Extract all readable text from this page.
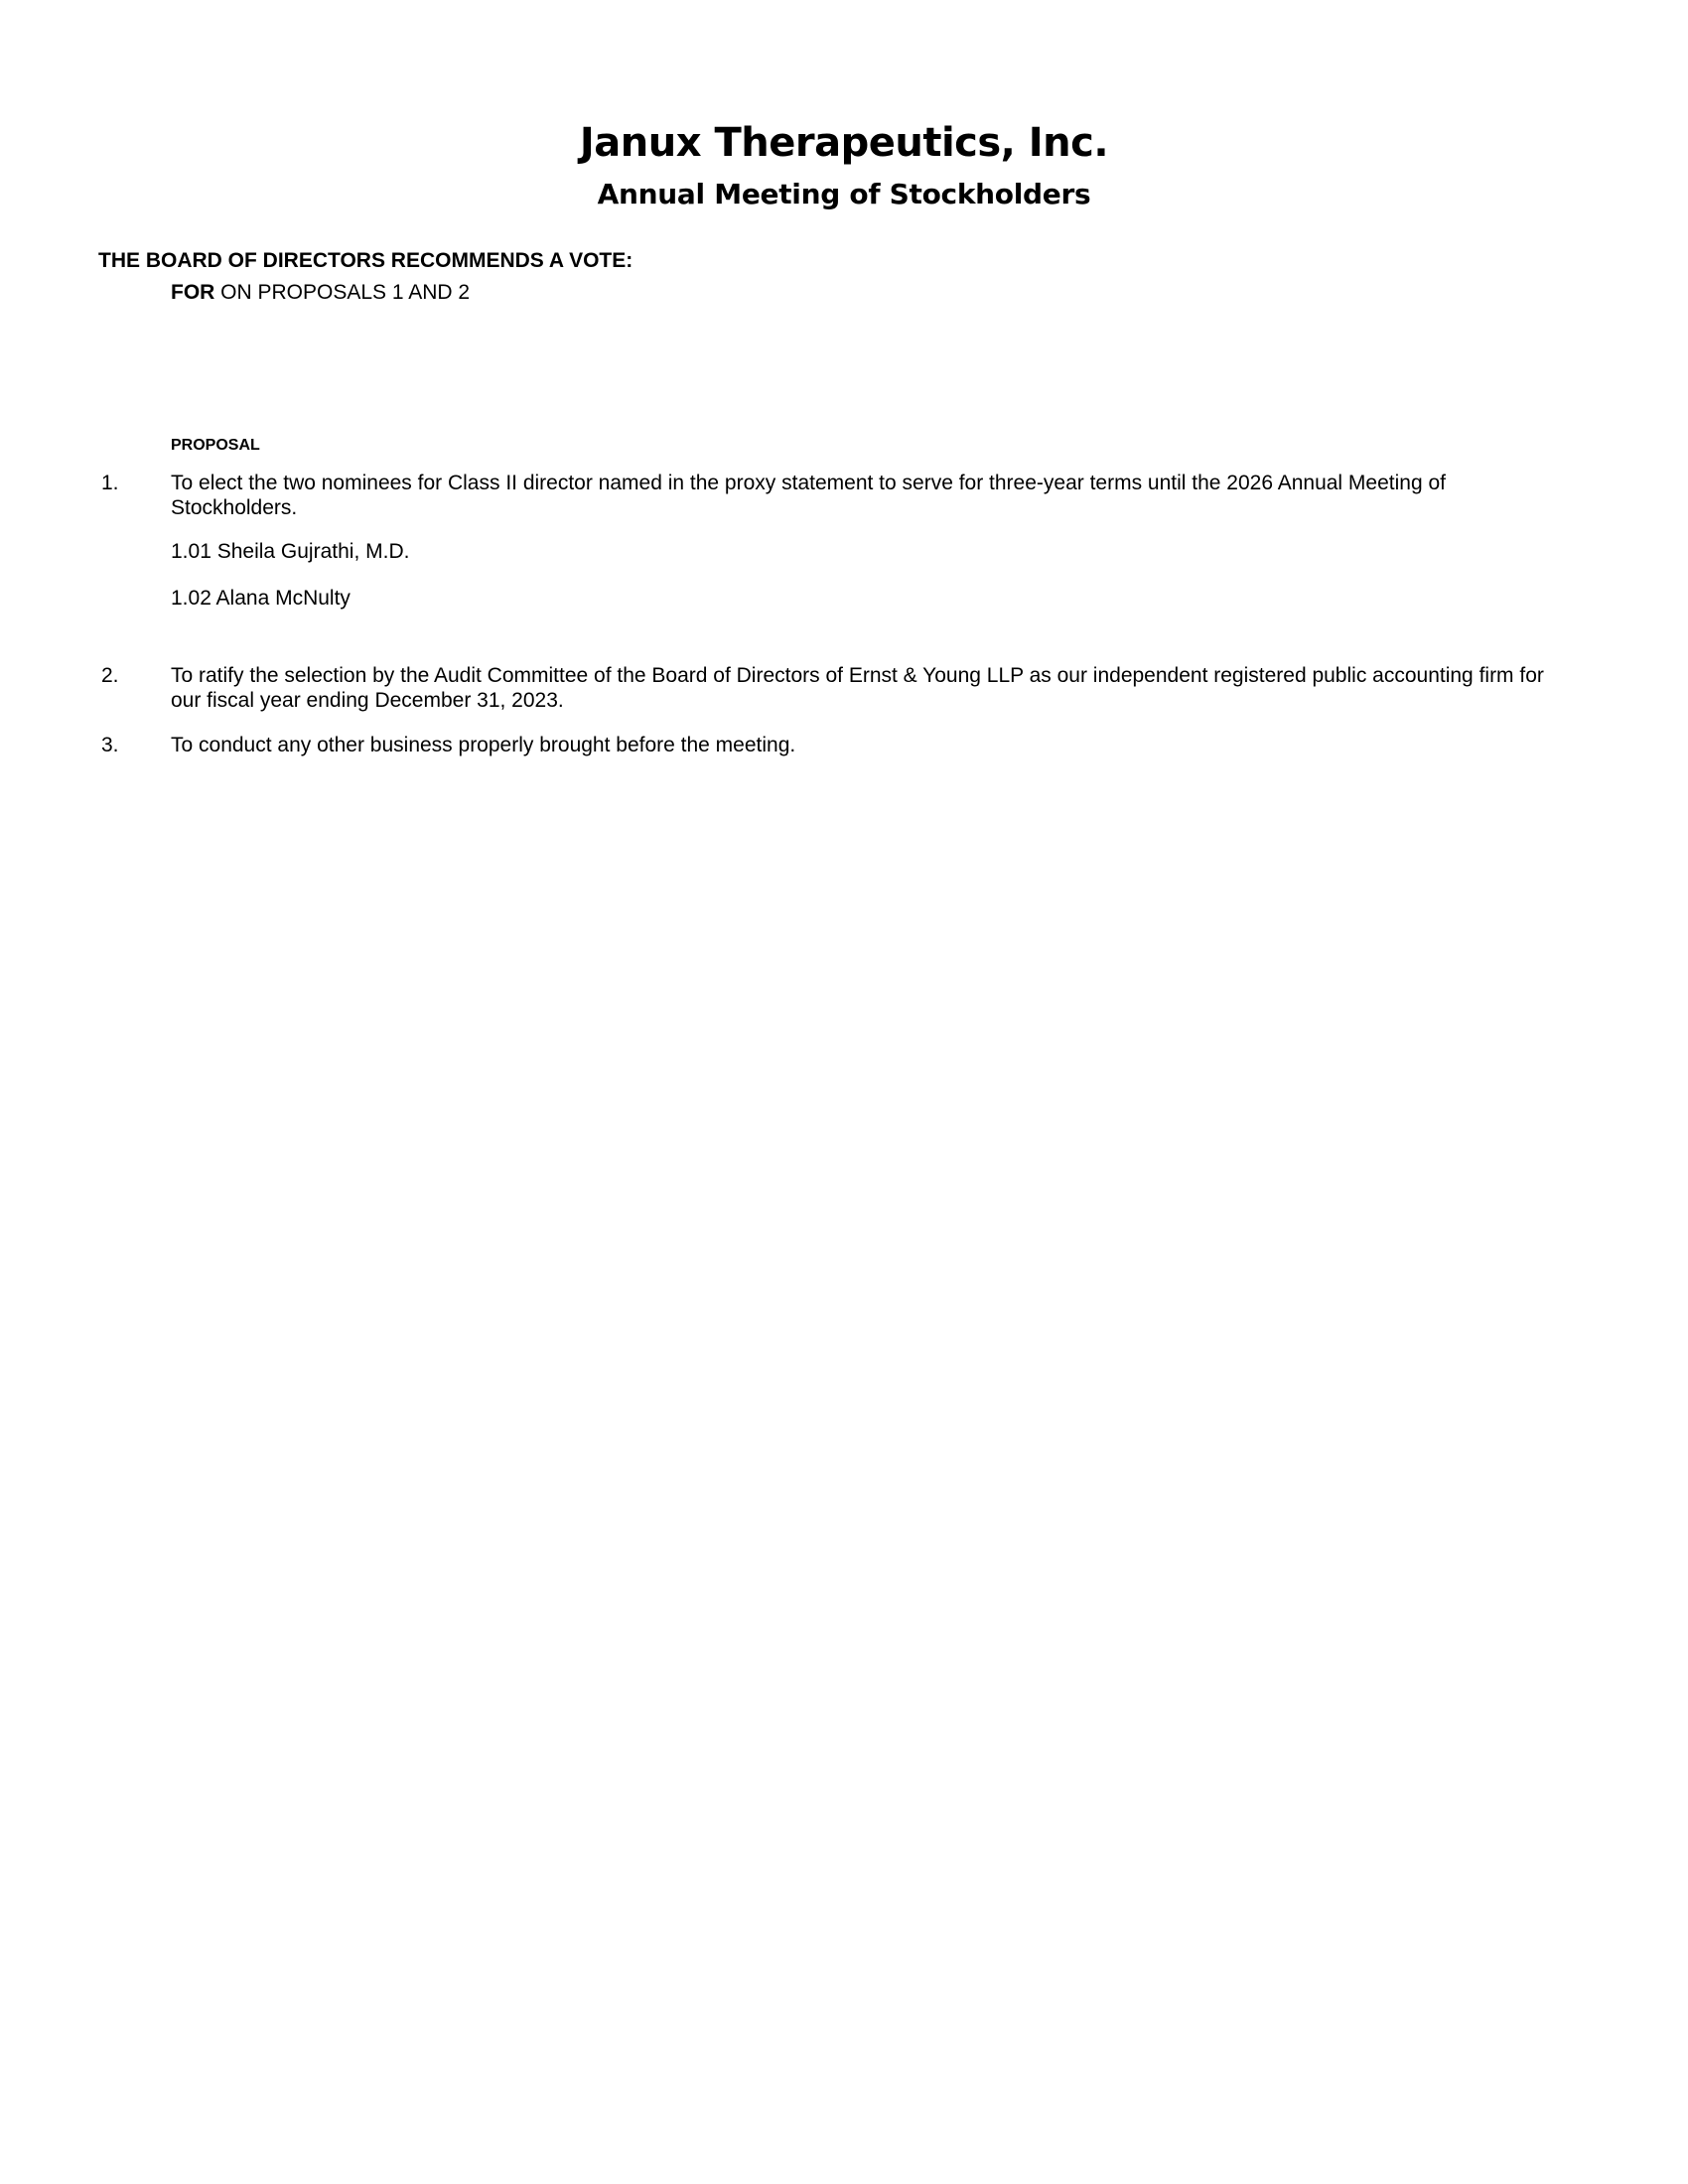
Janux Therapeutics, Inc.
Annual Meeting of Stockholders
THE BOARD OF DIRECTORS RECOMMENDS A VOTE:
FOR ON PROPOSALS 1 AND 2
PROPOSAL
1. To elect the two nominees for Class II director named in the proxy statement to serve for three-year terms until the 2026 Annual Meeting of Stockholders.
1.01 Sheila Gujrathi, M.D.
1.02 Alana McNulty
2. To ratify the selection by the Audit Committee of the Board of Directors of Ernst & Young LLP as our independent registered public accounting firm for our fiscal year ending December 31, 2023.
3. To conduct any other business properly brought before the meeting.
